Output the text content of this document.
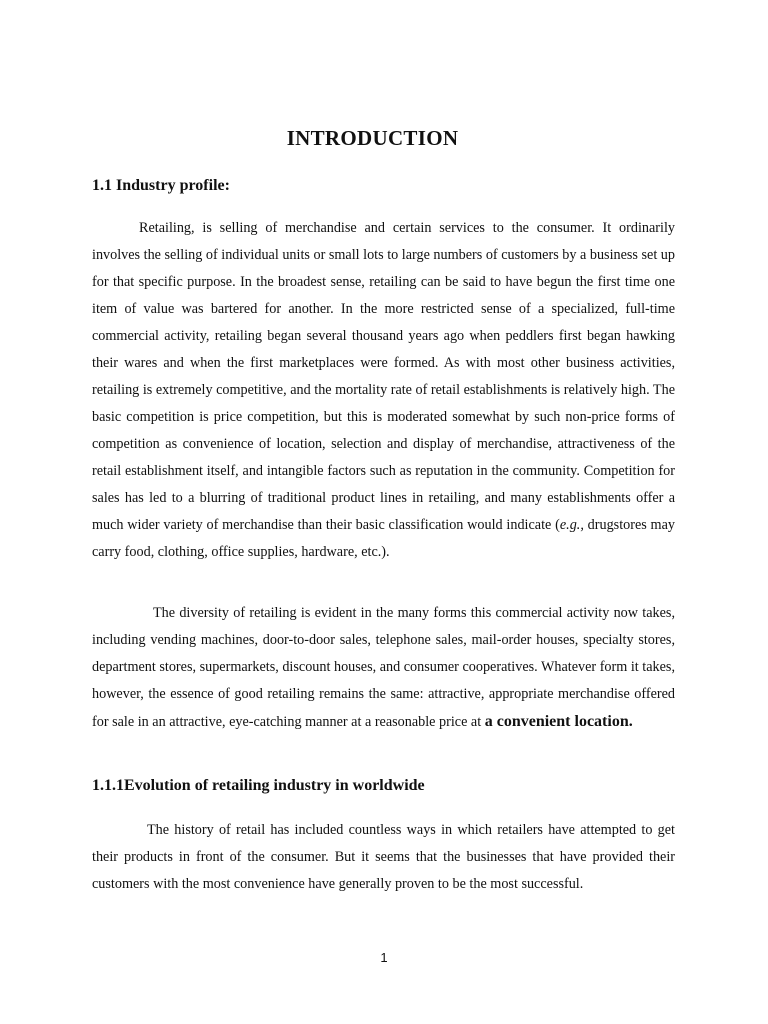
INTRODUCTION
1.1 Industry profile:

Retailing, is selling of merchandise and certain services to the consumer. It ordinarily involves the selling of individual units or small lots to large numbers of customers by a business set up for that specific purpose. In the broadest sense, retailing can be said to have begun the first time one item of value was bartered for another. In the more restricted sense of a specialized, full-time commercial activity, retailing began several thousand years ago when peddlers first began hawking their wares and when the first marketplaces were formed. As with most other business activities, retailing is extremely competitive, and the mortality rate of retail establishments is relatively high. The basic competition is price competition, but this is moderated somewhat by such non-price forms of competition as convenience of location, selection and display of merchandise, attractiveness of the retail establishment itself, and intangible factors such as reputation in the community. Competition for sales has led to a blurring of traditional product lines in retailing, and many establishments offer a much wider variety of merchandise than their basic classification would indicate (e.g., drugstores may carry food, clothing, office supplies, hardware, etc.).

The diversity of retailing is evident in the many forms this commercial activity now takes, including vending machines, door-to-door sales, telephone sales, mail-order houses, specialty stores, department stores, supermarkets, discount houses, and consumer cooperatives. Whatever form it takes, however, the essence of good retailing remains the same: attractive, appropriate merchandise offered for sale in an attractive, eye-catching manner at a reasonable price at a convenient location.

1.1.1Evolution of retailing industry in worldwide

The history of retail has included countless ways in which retailers have attempted to get their products in front of the consumer. But it seems that the businesses that have provided their customers with the most convenience have generally proven to be the most successful.

1
